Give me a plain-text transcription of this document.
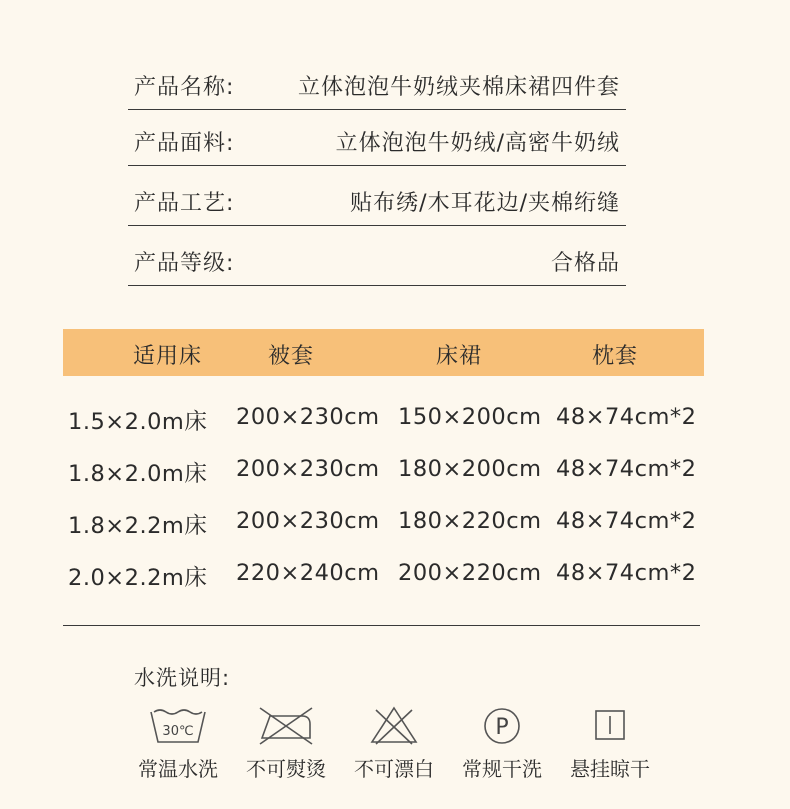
产品名称:	立体泡泡牛奶绒夹棉床裙四件套
产品面料:	立体泡泡牛奶绒/高密牛奶绒
产品工艺:	贴布绣/木耳花边/夹棉绗缝
产品等级:	合格品
适用床	被套	床裙	枕套
1.5×2.0m床 200×230cm 150×200cm 48×74cm*2
1.8×2.0m床 200×230cm 180×200cm 48×74cm*2
1.8×2.2m床 200×230cm 180×220cm 48×74cm*2
2.0×2.2m床 220×240cm 200×220cm 48×74cm*2
水洗说明:
30℃
常温水洗	不可熨烫	不可漂白
P
常规干洗	悬挂晾干
